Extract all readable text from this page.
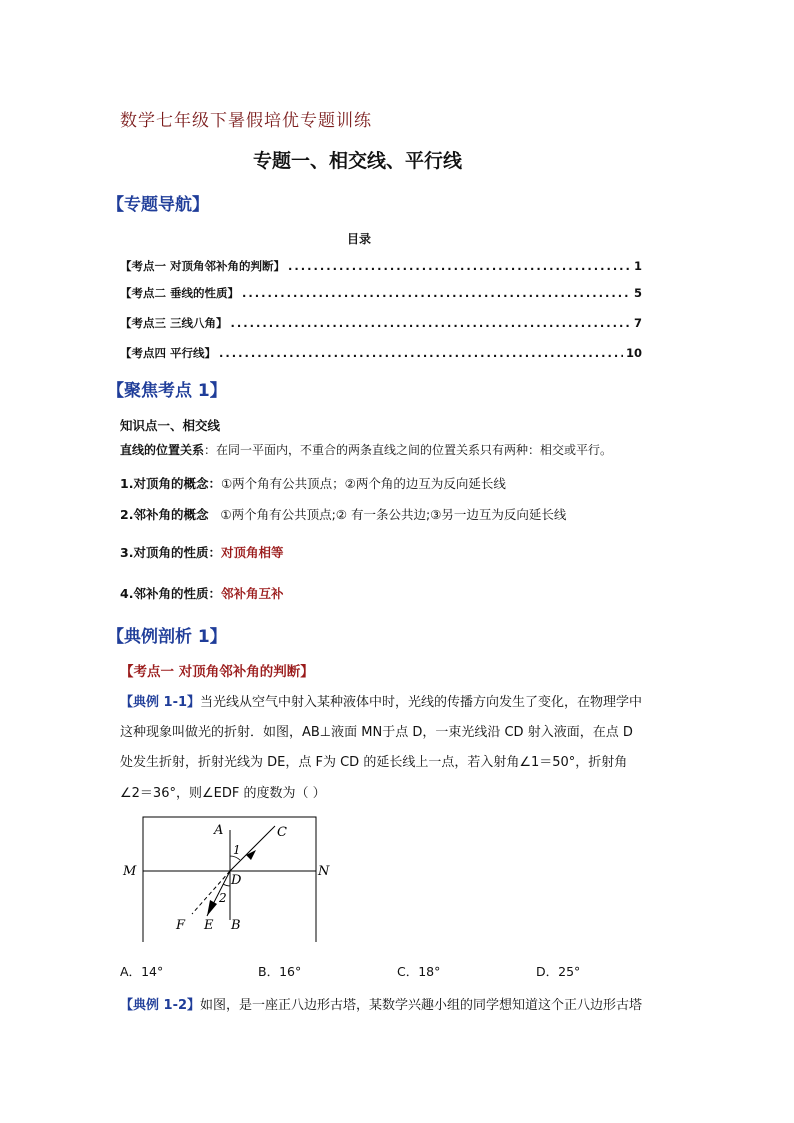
数学七年级下暑假培优专题训练
专题一、相交线、平行线
【专题导航】
目录
【考点一 对顶角邻补角的判断】 .....	1
【考点二 垂线的性质】 .....	5
【考点三 三线八角】 .....	7
【考点四 平行线】 .....	10
【聚焦考点 1】
知识点一、相交线
直线的位置关系：在同一平面内，不重合的两条直线之间的位置关系只有两种：相交或平行。
1.对顶角的概念：①两个角有公共顶点；②两个角的边互为反向延长线
2.邻补角的概念 ①两个角有公共顶点;② 有一条公共边;③另一边互为反向延长线
3.对顶角的性质：对顶角相等
4.邻补角的性质：邻补角互补
【典例剖析 1】
【考点一 对顶角邻补角的判断】
【典例 1-1】当光线从空气中射入某种液体中时，光线的传播方向发生了变化，在物理学中
这种现象叫做光的折射．如图，AB⊥液面 MN于点 D，一束光线沿 CD 射入液面，在点 D
处发生折射，折射光线为 DE，点 F为 CD 的延长线上一点，若入射角∠1＝50°，折射角
∠2＝36°，则∠EDF 的度数为（ ）
A	C
1
M	N
D
2
F E B
A．14°	B．16°	C．18°	D．25°
【典例 1-2】如图，是一座正八边形古塔，某数学兴趣小组的同学想知道这个正八边形古塔
